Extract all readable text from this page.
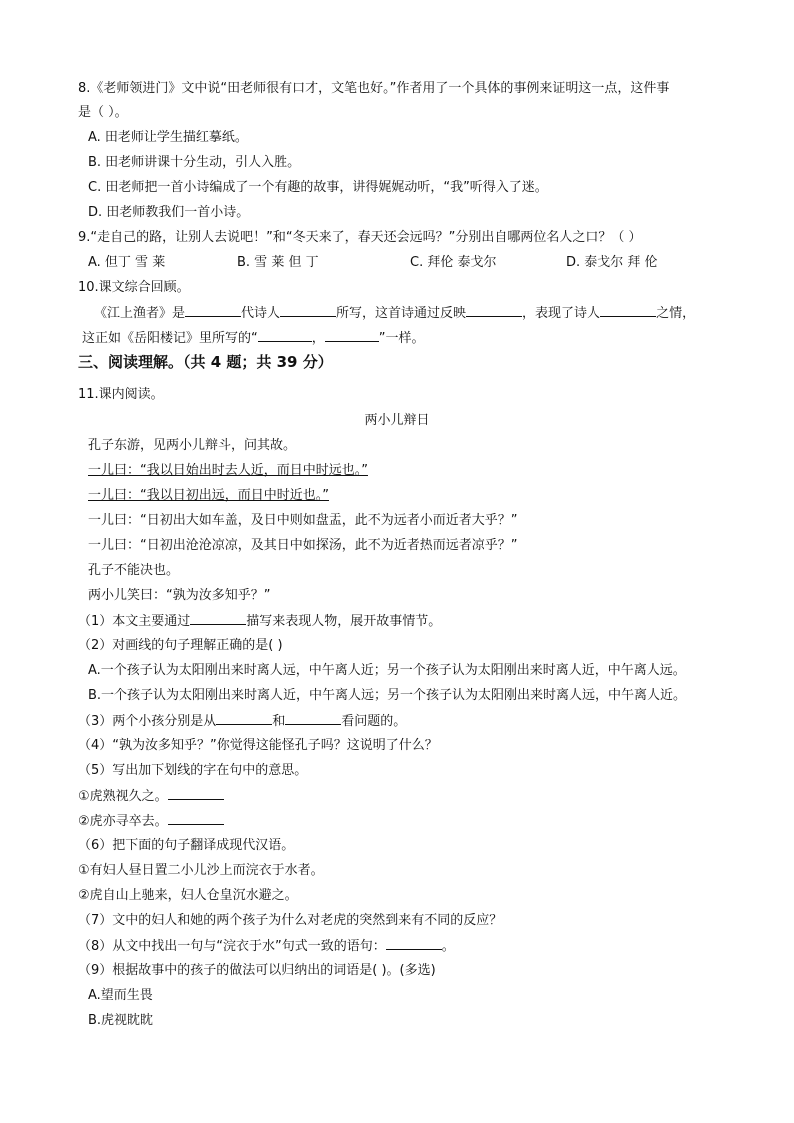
8.《老师领进门》文中说“田老师很有口才，文笔也好。”作者用了一个具体的事例来证明这一点，这件事
是（ ）。
A. 田老师让学生描红摹纸。
B. 田老师讲课十分生动，引人入胜。
C. 田老师把一首小诗编成了一个有趣的故事，讲得娓娓动听，“我”听得入了迷。
D. 田老师教我们一首小诗。
9.“走自己的路，让别人去说吧！”和“冬天来了，春天还会远吗？”分别出自哪两位名人之口？（ ）
A. 但丁 雪 莱	B. 雪 莱 但 丁	C. 拜伦 泰戈尔	D. 泰戈尔 拜 伦
10.课文综合回顾。
《江上渔者》是	代诗人	所写，这首诗通过反映	，表现了诗人	之情，
这正如《岳阳楼记》里所写的“	，	”一样。
三、阅读理解。（共 4 题；共 39 分）
11.课内阅读。
两小儿辩日
孔子东游，见两小儿辩斗，问其故。
一儿曰：“我以日始出时去人近，而日中时远也。”
一儿曰：“我以日初出远，而日中时近也。”
一儿曰：“日初出大如车盖，及日中则如盘盂，此不为远者小而近者大乎？”
一儿曰：“日初出沧沧凉凉，及其日中如探汤，此不为近者热而远者凉乎？”
孔子不能决也。
两小儿笑曰：“孰为汝多知乎？”
（1）本文主要通过	描写来表现人物，展开故事情节。
（2）对画线的句子理解正确的是( )
A.一个孩子认为太阳刚出来时离人远，中午离人近；另一个孩子认为太阳刚出来时离人近，中午离人远。
B.一个孩子认为太阳刚出来时离人近，中午离人远；另一个孩子认为太阳刚出来时离人远，中午离人近。
（3）两个小孩分别是从	和	看问题的。
（4）“孰为汝多知乎？”你觉得这能怪孔子吗？这说明了什么？
（5）写出加下划线的字在句中的意思。
①虎熟视久之。
②虎亦寻卒去。
（6）把下面的句子翻译成现代汉语。
①有妇人昼日置二小儿沙上而浣衣于水者。
②虎自山上驰来，妇人仓皇沉水避之。
（7）文中的妇人和她的两个孩子为什么对老虎的突然到来有不同的反应？
（8）从文中找出一句与“浣衣于水”句式一致的语句：	。
（9）根据故事中的孩子的做法可以归纳出的词语是( )。(多选)
A.望而生畏
B.虎视眈眈
